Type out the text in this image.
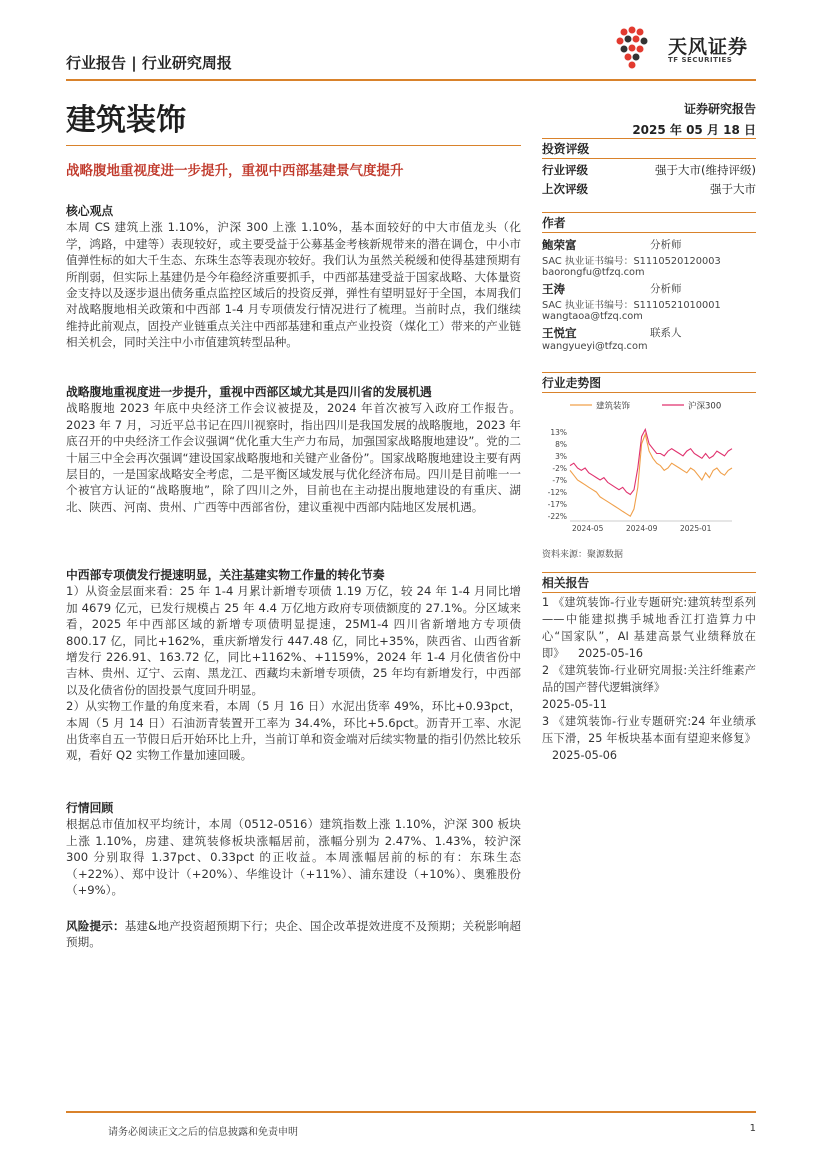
行业报告 | 行业研究周报
天风证券
TF SECURITIES
建筑装饰	证券研究报告
2025 年 05 月 18 日
战略腹地重视度进一步提升，重视中西部基建景气度提升

核心观点

本周 CS 建筑上涨 1.10%，沪深 300 上涨 1.10%，基本面较好的中大市值龙头（化学，鸿路，中建等）表现较好，或主要受益于公募基金考核新规带来的潜在调仓，中小市值弹性标的如大千生态、东珠生态等表现亦较好。我们认为虽然关税缓和使得基建预期有所削弱，但实际上基建仍是今年稳经济重要抓手，中西部基建受益于国家战略、大体量资金支持以及逐步退出债务重点监控区域后的投资反弹，弹性有望明显好于全国，本周我们对战略腹地相关政策和中西部 1-4 月专项债发行情况进行了梳理。当前时点，我们继续维持此前观点，固投产业链重点关注中西部基建和重点产业投资（煤化工）带来的产业链相关机会，同时关注中小市值建筑转型品种。

战略腹地重视度进一步提升，重视中西部区域尤其是四川省的发展机遇

战略腹地 2023 年底中央经济工作会议被提及，2024 年首次被写入政府工作报告。2023 年 7 月，习近平总书记在四川视察时，指出四川是我国发展的战略腹地，2023 年底召开的中央经济工作会议强调“优化重大生产力布局，加强国家战略腹地建设”。党的二十届三中全会再次强调“建设国家战略腹地和关键产业备份”。国家战略腹地建设主要有两层目的，一是国家战略安全考虑，二是平衡区域发展与优化经济布局。四川是目前唯一一个被官方认证的“战略腹地”，除了四川之外，目前也在主动提出腹地建设的有重庆、湖北、陕西、河南、贵州、广西等中西部省份，建议重视中西部内陆地区发展机遇。

中西部专项债发行提速明显，关注基建实物工作量的转化节奏

1）从资金层面来看：25 年 1-4 月累计新增专项债 1.19 万亿，较 24 年 1-4 月同比增加 4679 亿元，已发行规模占 25 年 4.4 万亿地方政府专项债额度的 27.1%。分区域来看，2025 年中西部区域的新增专项债明显提速，25M1-4 四川省新增地方专项债 800.17 亿，同比+162%，重庆新增发行 447.48 亿，同比+35%，陕西省、山西省新增发行 226.91、163.72 亿，同比+1162%、+1159%，2024 年 1-4 月化债省份中吉林、贵州、辽宁、云南、黑龙江、西藏均未新增专项债，25 年均有新增发行，中西部以及化债省份的固投景气度回升明显。

2）从实物工作量的角度来看，本周（5 月 16 日）水泥出货率 49%，环比+0.93pct，本周（5 月 14 日）石油沥青装置开工率为 34.4%，环比+5.6pct。沥青开工率、水泥出货率自五一节假日后开始环比上升，当前订单和资金端对后续实物量的指引仍然比较乐观，看好 Q2 实物工作量加速回暖。

行情回顾

根据总市值加权平均统计，本周（0512-0516）建筑指数上涨 1.10%，沪深 300 板块上涨 1.10%，房建、建筑装修板块涨幅居前，涨幅分别为 2.47%、1.43%，较沪深 300 分别取得 1.37pct、0.33pct 的正收益。本周涨幅居前的标的有：东珠生态（+22%）、郑中设计（+20%）、华维设计（+11%）、浦东建设（+10%）、奥雅股份（+9%）。

风险提示：基建&地产投资超预期下行；央企、国企改革提效进度不及预期；关税影响超预期。

投资评级
行业评级	强于大市(维持评级)
上次评级	强于大市
作者
鲍荣富	分析师
SAC 执业证书编号：S1110520120003
baorongfu@tfzq.com
王涛	分析师
SAC 执业证书编号：S1110521010001
wangtaoa@tfzq.com
王悦宜	联系人
wangyueyi@tfzq.com
行业走势图
建筑装饰	沪深300
13%
8%
3%
-2%
-7%
-12%
-17%
-22%
2024-05	2024-09	2025-01
资料来源：聚源数据
相关报告
1 《建筑装饰-行业专题研究:建筑转型系列——中能建拟携手城地香江打造算力中心“国家队”，AI 基建高景气业绩释放在即》 2025-05-16
2 《建筑装饰-行业研究周报:关注纤维素产品的国产替代逻辑演绎》
2025-05-11
3 《建筑装饰-行业专题研究:24 年业绩承压下滑，25 年板块基本面有望迎来修复》 2025-05-06
请务必阅读正文之后的信息披露和免责申明	1
